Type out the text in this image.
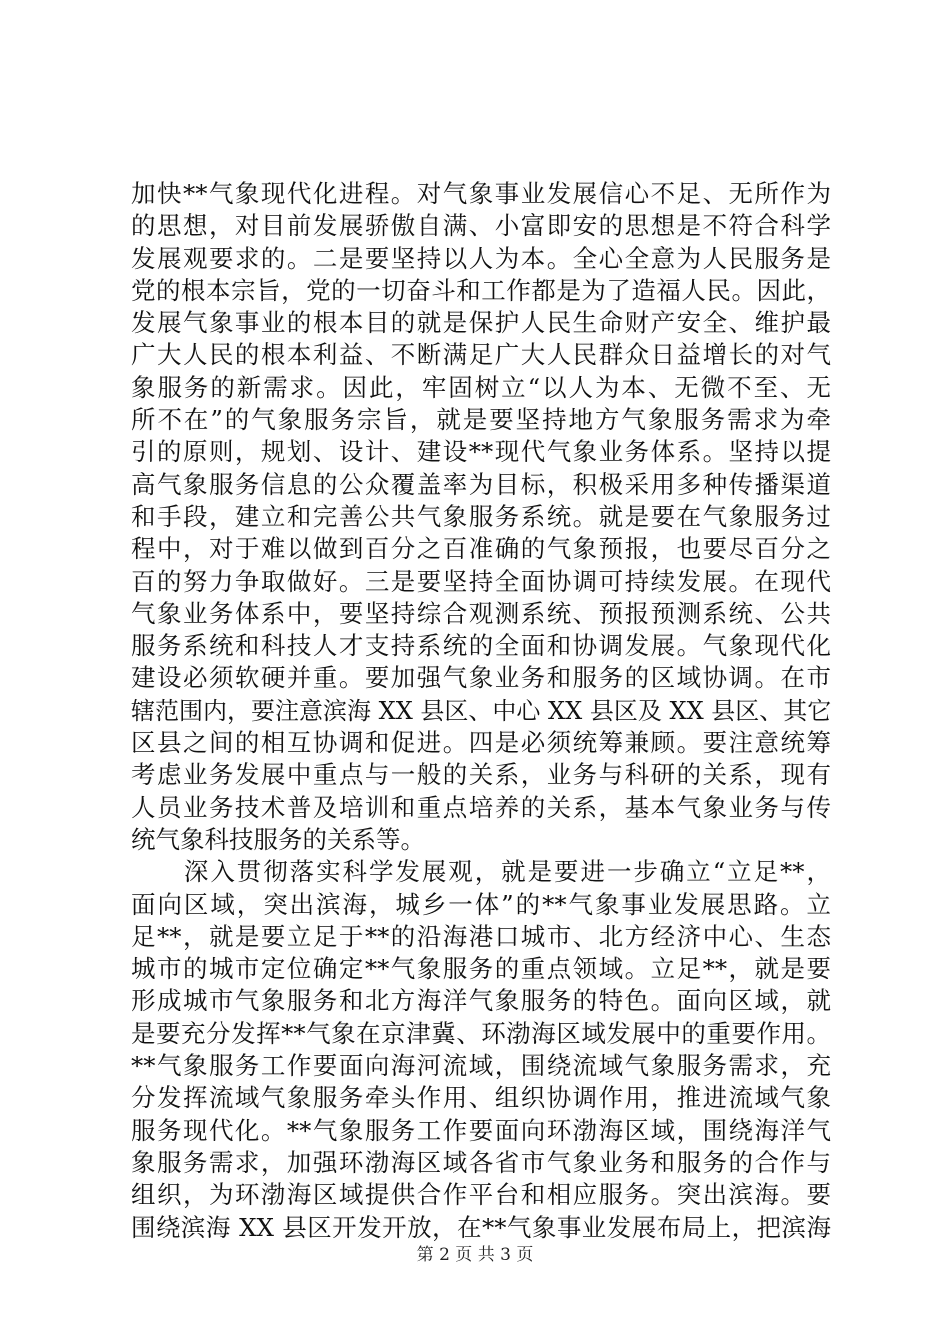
加快**气象现代化进程。对气象事业发展信心不足、无所作为
的思想，对目前发展骄傲自满、小富即安的思想是不符合科学
发展观要求的。二是要坚持以人为本。全心全意为人民服务是
党的根本宗旨，党的一切奋斗和工作都是为了造福人民。因此，
发展气象事业的根本目的就是保护人民生命财产安全、维护最
广大人民的根本利益、不断满足广大人民群众日益增长的对气
象服务的新需求。因此，牢固树立“以人为本、无微不至、无
所不在”的气象服务宗旨，就是要坚持地方气象服务需求为牵
引的原则，规划、设计、建设**现代气象业务体系。坚持以提
高气象服务信息的公众覆盖率为目标，积极采用多种传播渠道
和手段，建立和完善公共气象服务系统。就是要在气象服务过
程中，对于难以做到百分之百准确的气象预报，也要尽百分之
百的努力争取做好。三是要坚持全面协调可持续发展。在现代
气象业务体系中，要坚持综合观测系统、预报预测系统、公共
服务系统和科技人才支持系统的全面和协调发展。气象现代化
建设必须软硬并重。要加强气象业务和服务的区域协调。在市
辖范围内，要注意滨海 XX 县区、中心 XX 县区及 XX 县区、其它
区县之间的相互协调和促进。四是必须统筹兼顾。要注意统筹
考虑业务发展中重点与一般的关系，业务与科研的关系，现有
人员业务技术普及培训和重点培养的关系，基本气象业务与传
统气象科技服务的关系等。
　　深入贯彻落实科学发展观，就是要进一步确立“立足**，
面向区域，突出滨海，城乡一体”的**气象事业发展思路。立
足**，就是要立足于**的沿海港口城市、北方经济中心、生态
城市的城市定位确定**气象服务的重点领域。立足**，就是要
形成城市气象服务和北方海洋气象服务的特色。面向区域，就
是要充分发挥**气象在京津冀、环渤海区域发展中的重要作用。
**气象服务工作要面向海河流域，围绕流域气象服务需求，充
分发挥流域气象服务牵头作用、组织协调作用，推进流域气象
服务现代化。**气象服务工作要面向环渤海区域，围绕海洋气
象服务需求，加强环渤海区域各省市气象业务和服务的合作与
组织，为环渤海区域提供合作平台和相应服务。突出滨海。要
围绕滨海 XX 县区开发开放，在**气象事业发展布局上，把滨海
第 2 页 共 3 页
